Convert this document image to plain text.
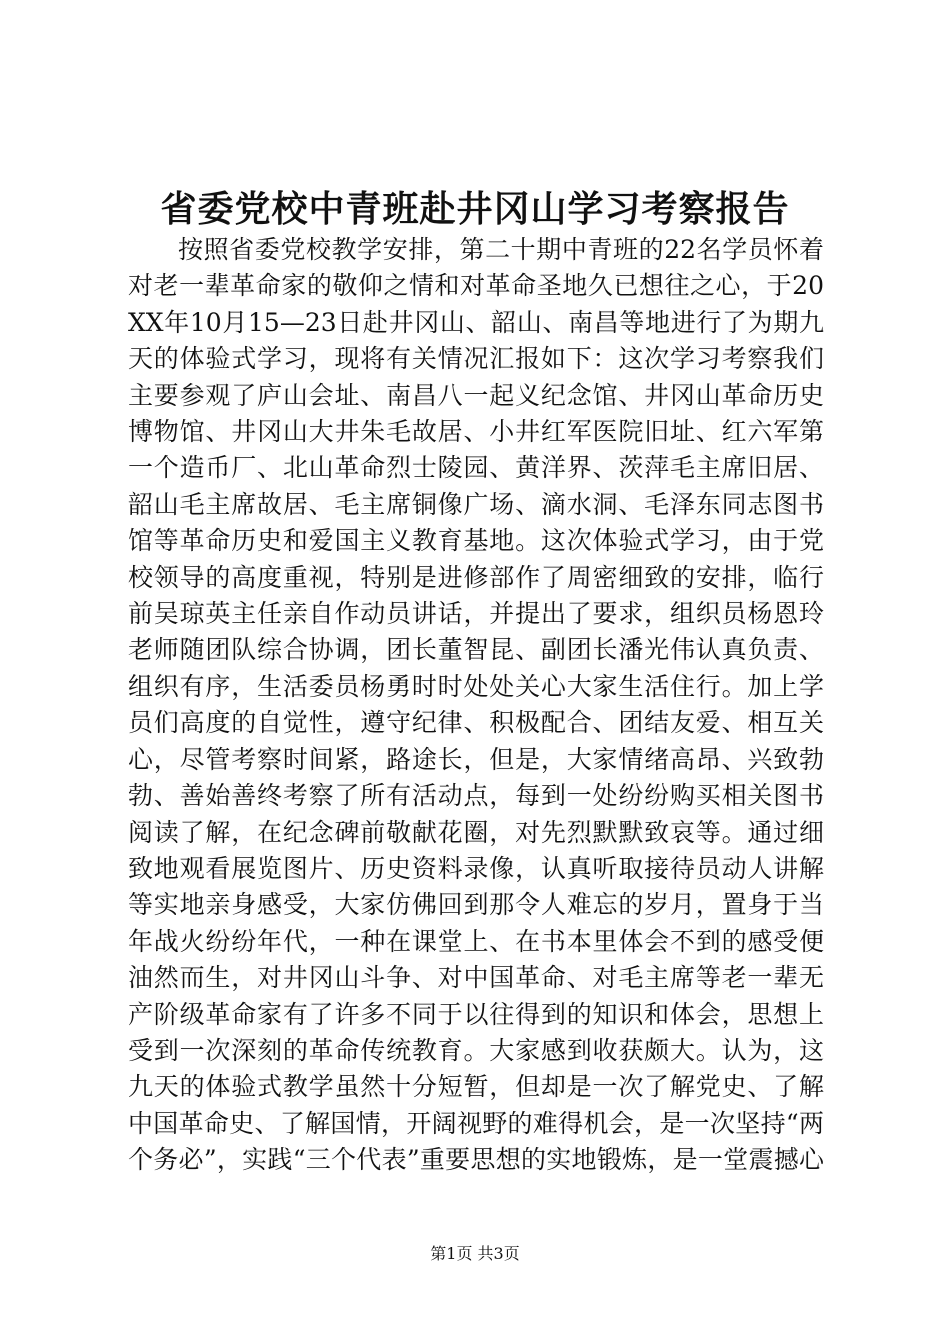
省委党校中青班赴井冈山学习考察报告

按照省委党校教学安排，第二十期中青班的22名学员怀着对老一辈革命家的敬仰之情和对革命圣地久已想往之心，于20XX年10月15—23日赴井冈山、韶山、南昌等地进行了为期九天的体验式学习，现将有关情况汇报如下：这次学习考察我们主要参观了庐山会址、南昌八一起义纪念馆、井冈山革命历史博物馆、井冈山大井朱毛故居、小井红军医院旧址、红六军第一个造币厂、北山革命烈士陵园、黄洋界、茨萍毛主席旧居、韶山毛主席故居、毛主席铜像广场、滴水洞、毛泽东同志图书馆等革命历史和爱国主义教育基地。这次体验式学习，由于党校领导的高度重视，特别是进修部作了周密细致的安排，临行前吴琼英主任亲自作动员讲话，并提出了要求，组织员杨恩玲老师随团队综合协调，团长董智昆、副团长潘光伟认真负责、组织有序，生活委员杨勇时时处处关心大家生活住行。加上学员们高度的自觉性，遵守纪律、积极配合、团结友爱、相互关心，尽管考察时间紧，路途长，但是，大家情绪高昂、兴致勃勃、善始善终考察了所有活动点，每到一处纷纷购买相关图书阅读了解，在纪念碑前敬献花圈，对先烈默默致哀等。通过细致地观看展览图片、历史资料录像，认真听取接待员动人讲解等实地亲身感受，大家仿佛回到那令人难忘的岁月，置身于当年战火纷纷年代，一种在课堂上、在书本里体会不到的感受便油然而生，对井冈山斗争、对中国革命、对毛主席等老一辈无产阶级革命家有了许多不同于以往得到的知识和体会，思想上受到一次深刻的革命传统教育。大家感到收获颇大。认为，这九天的体验式教学虽然十分短暂，但却是一次了解党史、了解中国革命史、了解国情，开阔视野的难得机会，是一次坚持“两个务必”，实践“三个代表”重要思想的实地锻炼，是一堂震撼心

第1页 共3页
